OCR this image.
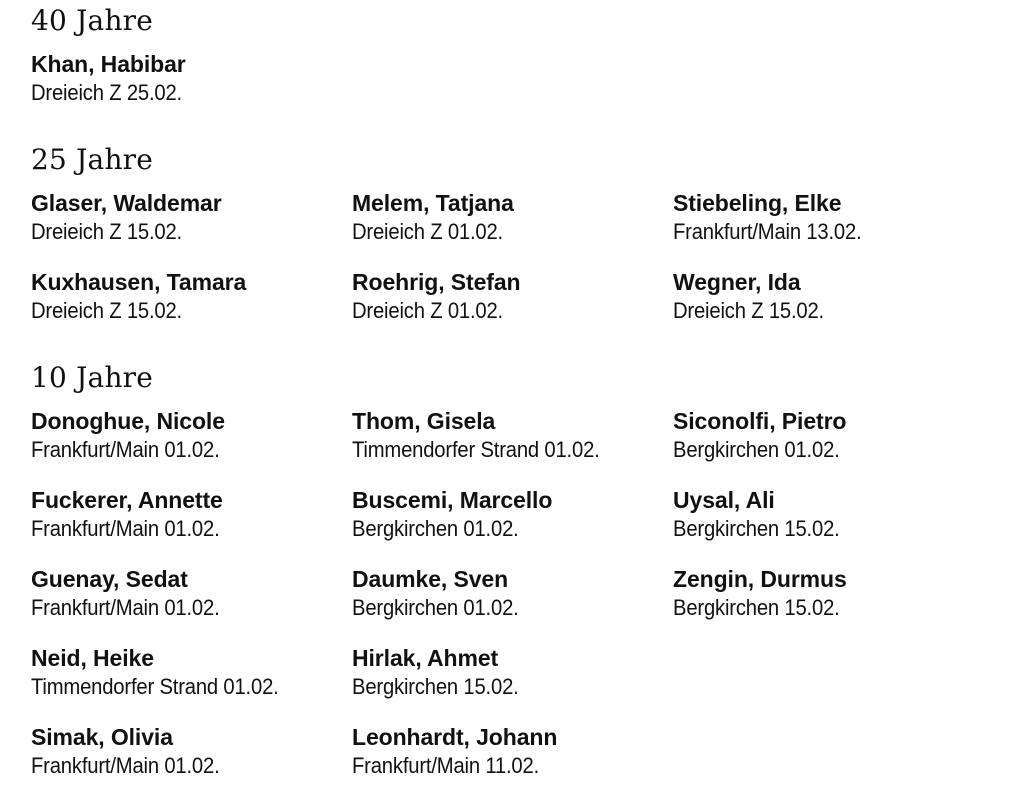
40 Jahre
Khan, Habibar
Dreieich Z 25.02.
25 Jahre
Glaser, Waldemar
Dreieich Z 15.02.
Melem, Tatjana
Dreieich Z 01.02.
Stiebeling, Elke
Frankfurt/Main 13.02.
Kuxhausen, Tamara
Dreieich Z 15.02.
Roehrig, Stefan
Dreieich Z 01.02.
Wegner, Ida
Dreieich Z 15.02.
10 Jahre
Donoghue, Nicole
Frankfurt/Main 01.02.
Thom, Gisela
Timmendorfer Strand 01.02.
Siconolfi, Pietro
Bergkirchen 01.02.
Fuckerer, Annette
Frankfurt/Main 01.02.
Buscemi, Marcello
Bergkirchen 01.02.
Uysal, Ali
Bergkirchen 15.02.
Guenay, Sedat
Frankfurt/Main 01.02.
Daumke, Sven
Bergkirchen 01.02.
Zengin, Durmus
Bergkirchen 15.02.
Neid, Heike
Timmendorfer Strand 01.02.
Hirlak, Ahmet
Bergkirchen 15.02.
Simak, Olivia
Frankfurt/Main 01.02.
Leonhardt, Johann
Frankfurt/Main 11.02.
